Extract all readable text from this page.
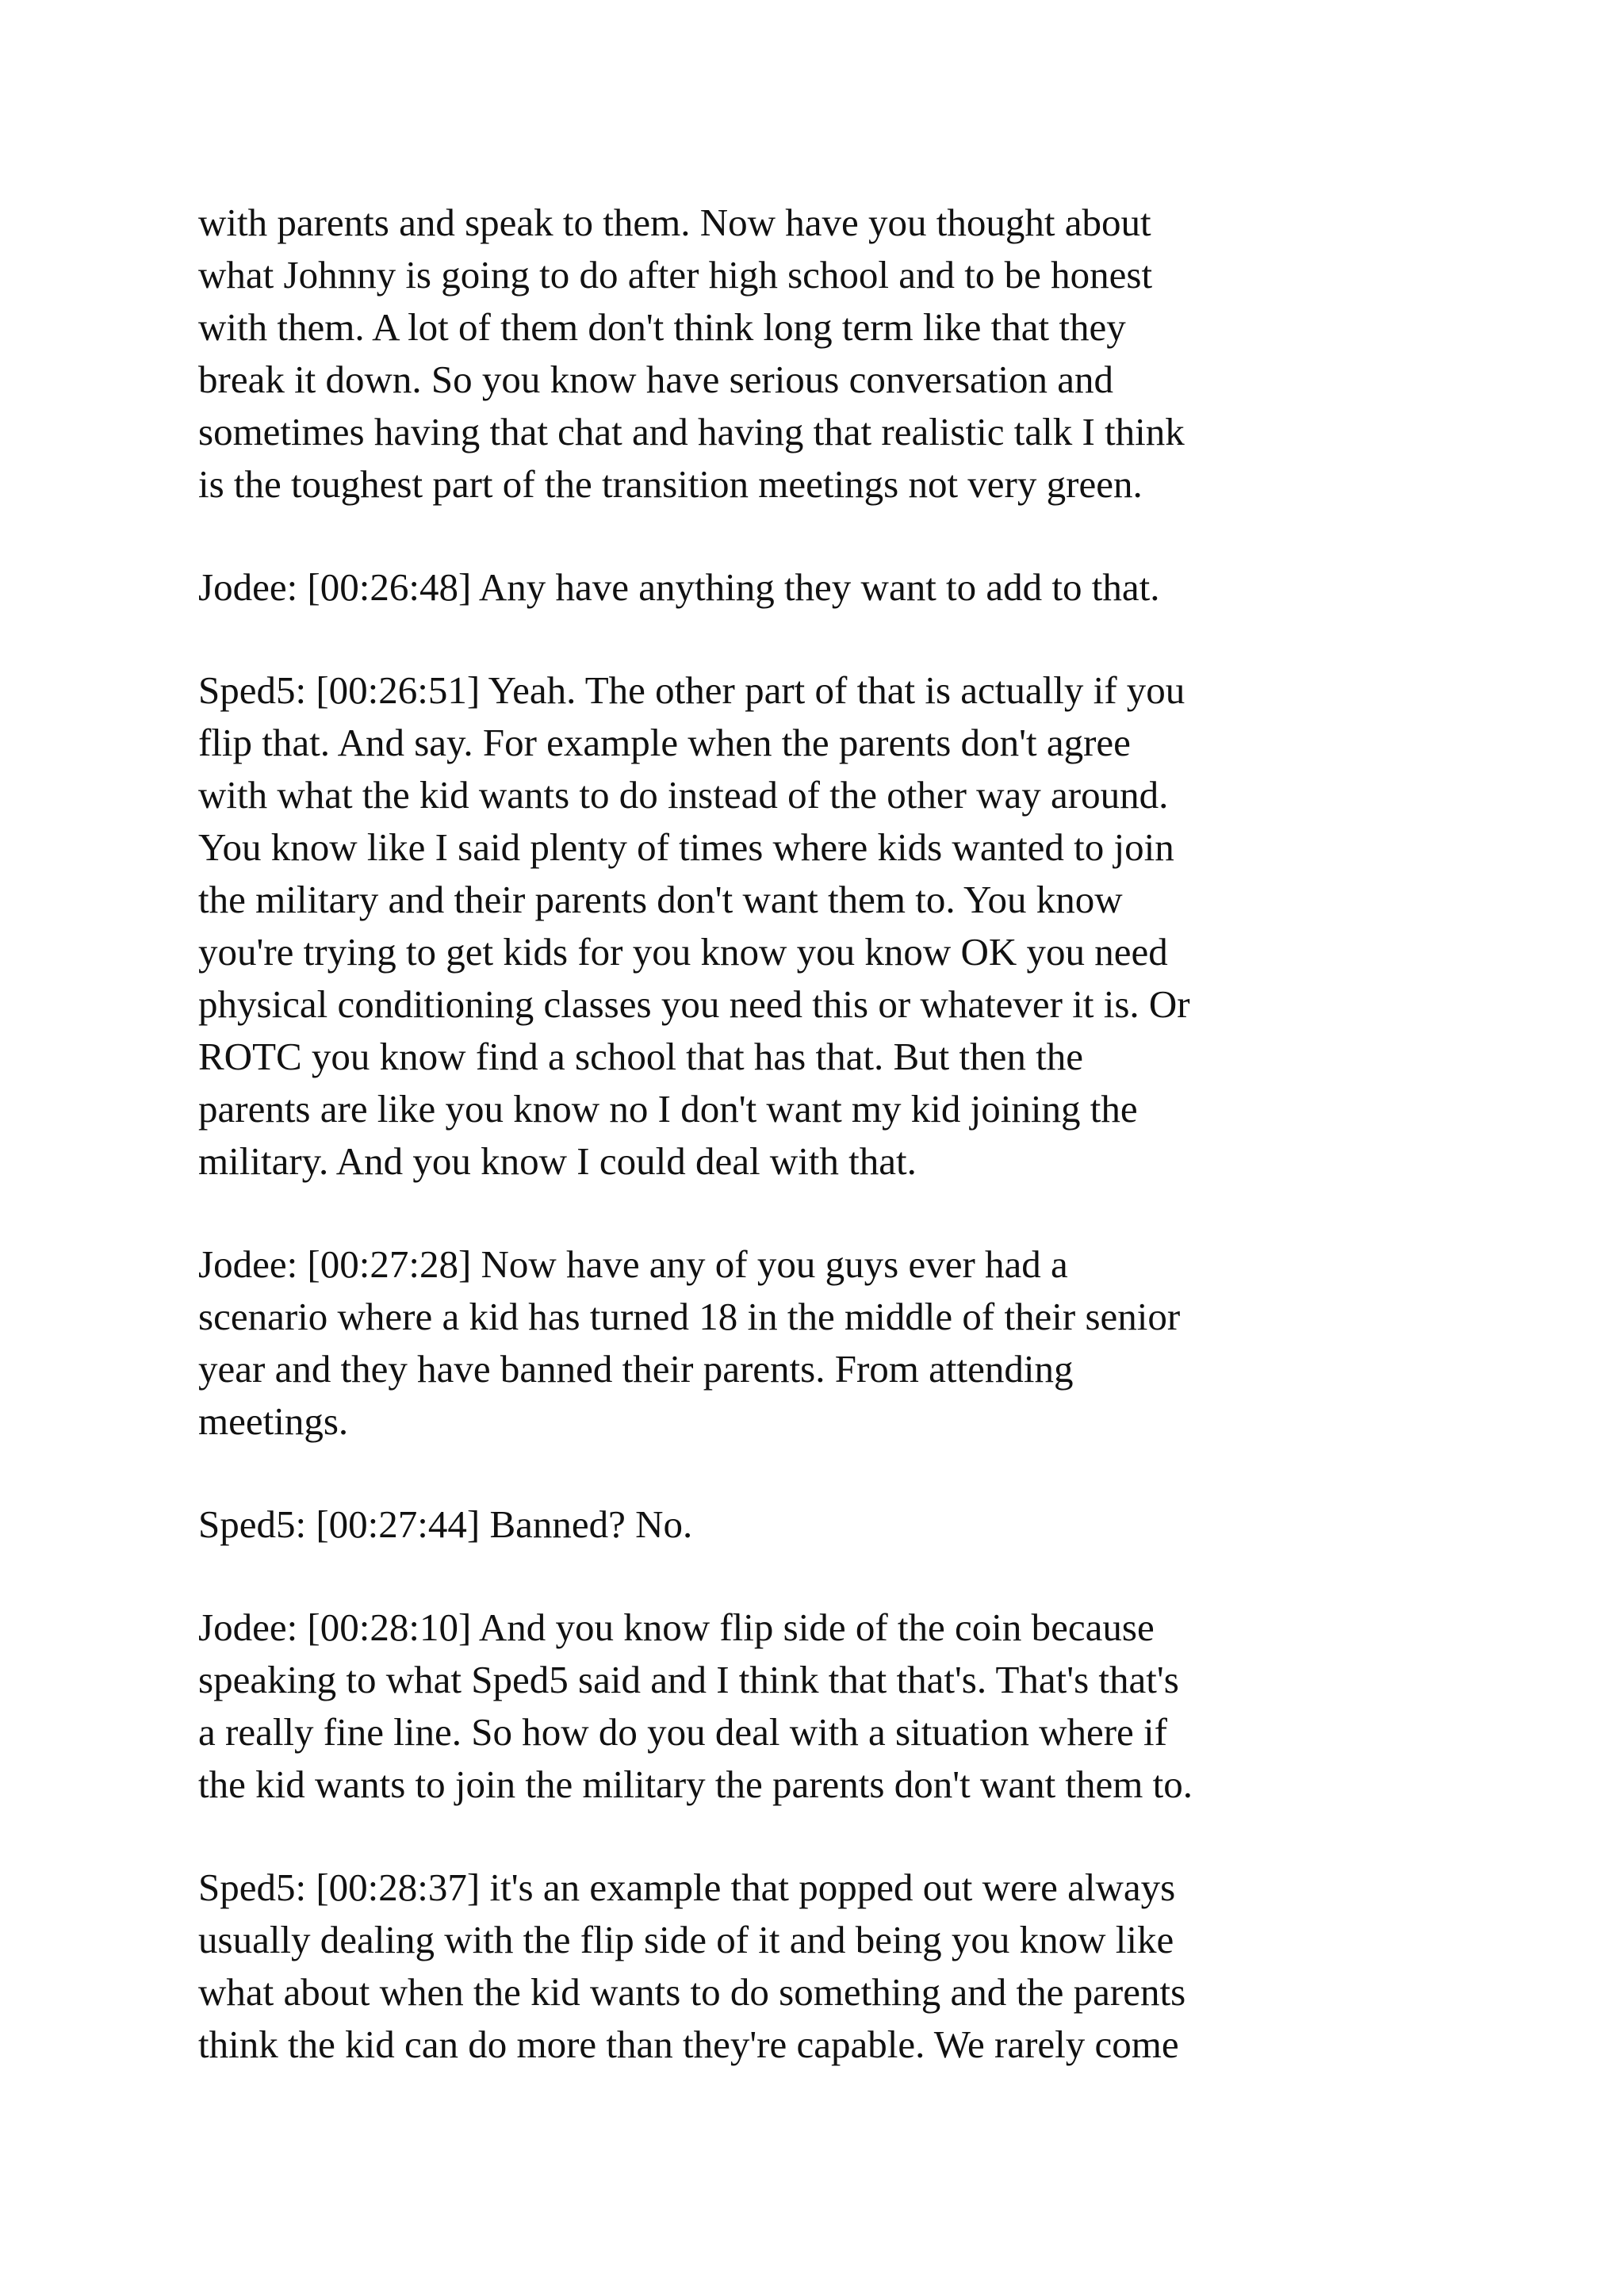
with parents and speak to them. Now have you thought about
what Johnny is going to do after high school and to be honest
with them. A lot of them don't think long term like that they
break it down. So you know have serious conversation and
sometimes having that chat and having that realistic talk I think
is the toughest part of the transition meetings not very green.

Jodee: [00:26:48] Any have anything they want to add to that.

Sped5: [00:26:51] Yeah. The other part of that is actually if you
flip that. And say. For example when the parents don't agree
with what the kid wants to do instead of the other way around.
You know like I said plenty of times where kids wanted to join
the military and their parents don't want them to. You know
you're trying to get kids for you know you know OK you need
physical conditioning classes you need this or whatever it is. Or
ROTC you know find a school that has that. But then the
parents are like you know no I don't want my kid joining the
military. And you know I could deal with that.

Jodee: [00:27:28] Now have any of you guys ever had a
scenario where a kid has turned 18 in the middle of their senior
year and they have banned their parents. From attending
meetings.

Sped5: [00:27:44] Banned? No.

Jodee: [00:28:10] And you know flip side of the coin because
speaking to what Sped5 said and I think that that's. That's that's
a really fine line. So how do you deal with a situation where if
the kid wants to join the military the parents don't want them to.

Sped5: [00:28:37] it's an example that popped out were always
usually dealing with the flip side of it and being you know like
what about when the kid wants to do something and the parents
think the kid can do more than they're capable. We rarely come
